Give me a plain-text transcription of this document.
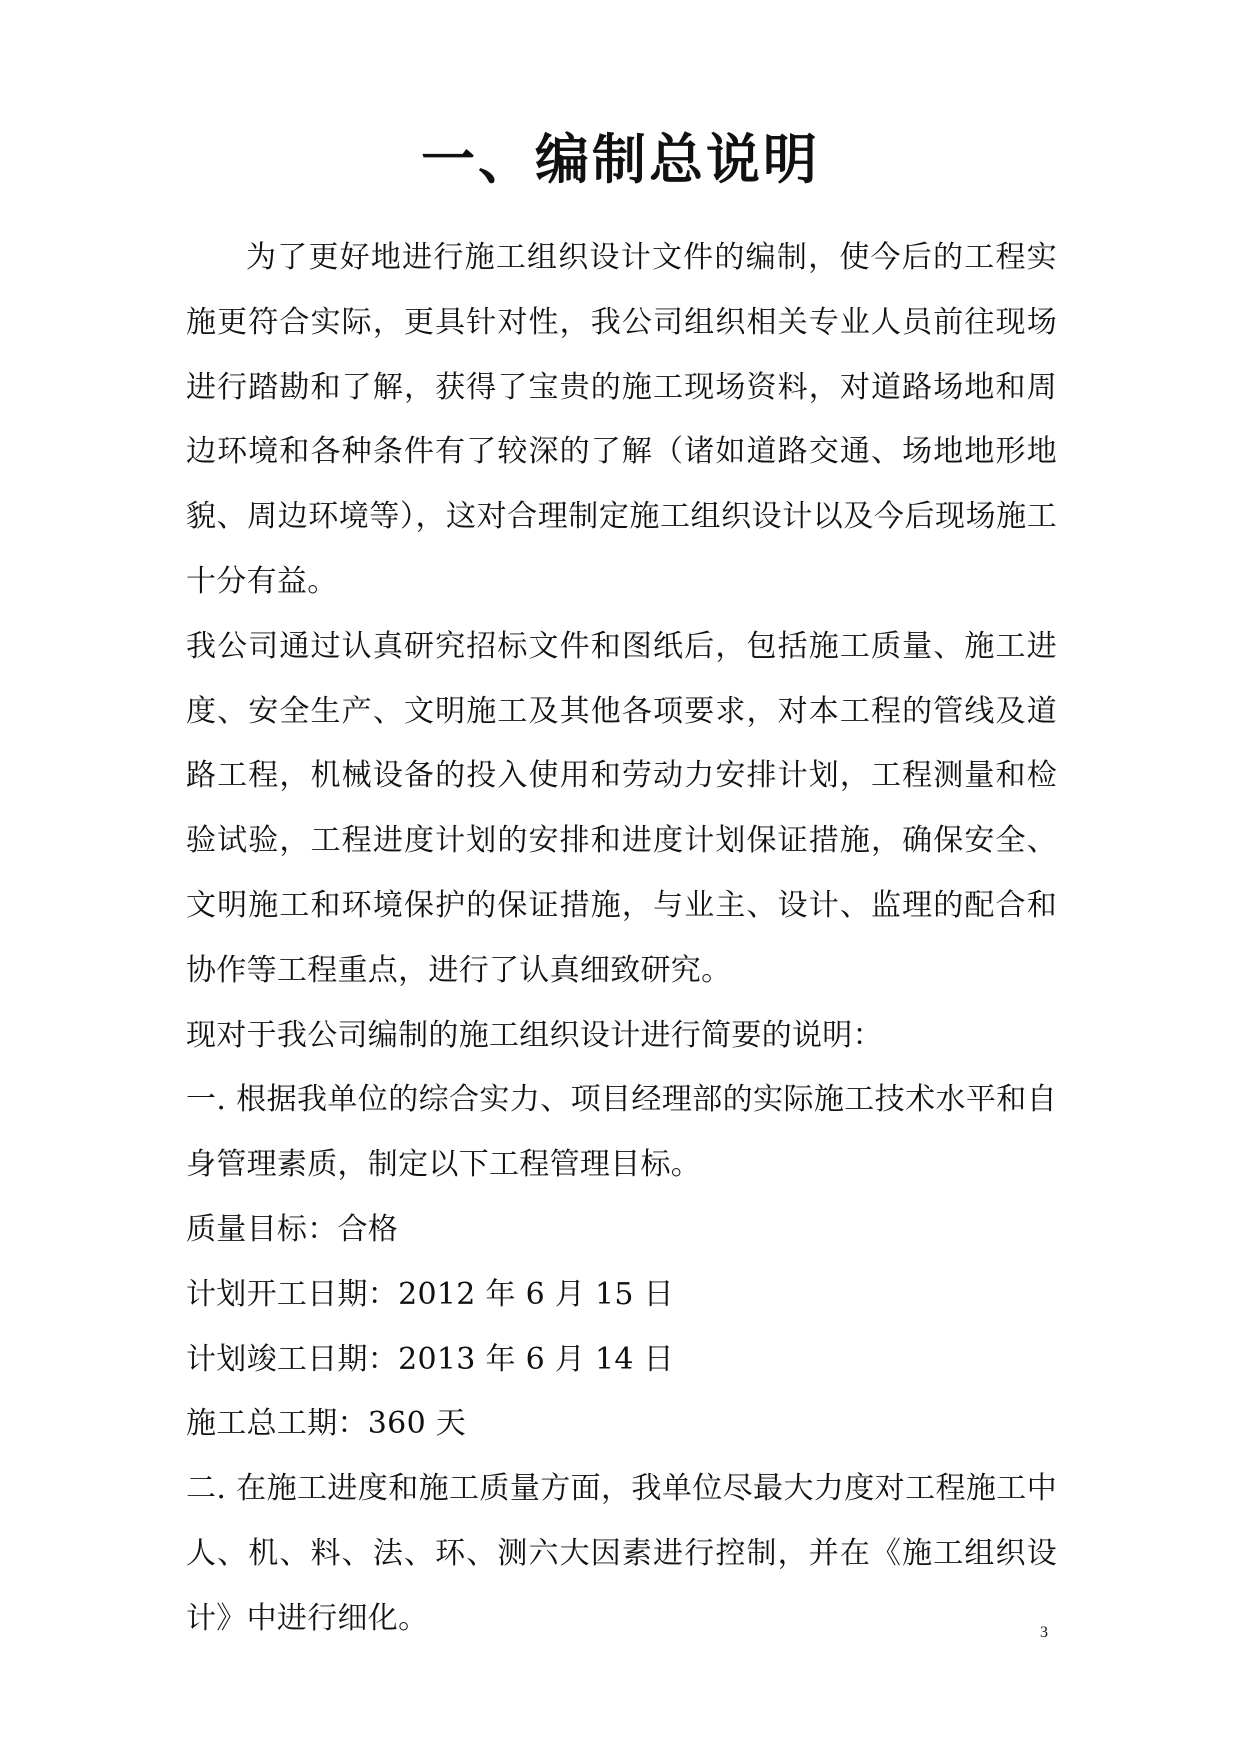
一、编制总说明

为了更好地进行施工组织设计文件的编制，使今后的工程实施更符合实际，更具针对性，我公司组织相关专业人员前往现场进行踏勘和了解，获得了宝贵的施工现场资料，对道路场地和周边环境和各种条件有了较深的了解（诸如道路交通、场地地形地貌、周边环境等），这对合理制定施工组织设计以及今后现场施工十分有益。

我公司通过认真研究招标文件和图纸后，包括施工质量、施工进度、安全生产、文明施工及其他各项要求，对本工程的管线及道路工程，机械设备的投入使用和劳动力安排计划，工程测量和检验试验，工程进度计划的安排和进度计划保证措施，确保安全、文明施工和环境保护的保证措施，与业主、设计、监理的配合和协作等工程重点，进行了认真细致研究。

现对于我公司编制的施工组织设计进行简要的说明：

一. 根据我单位的综合实力、项目经理部的实际施工技术水平和自身管理素质，制定以下工程管理目标。

质量目标：合格

计划开工日期：2012 年 6 月 15 日

计划竣工日期：2013 年 6 月 14 日

施工总工期：360 天

二. 在施工进度和施工质量方面，我单位尽最大力度对工程施工中人、机、料、法、环、测六大因素进行控制，并在《施工组织设计》中进行细化。	3
